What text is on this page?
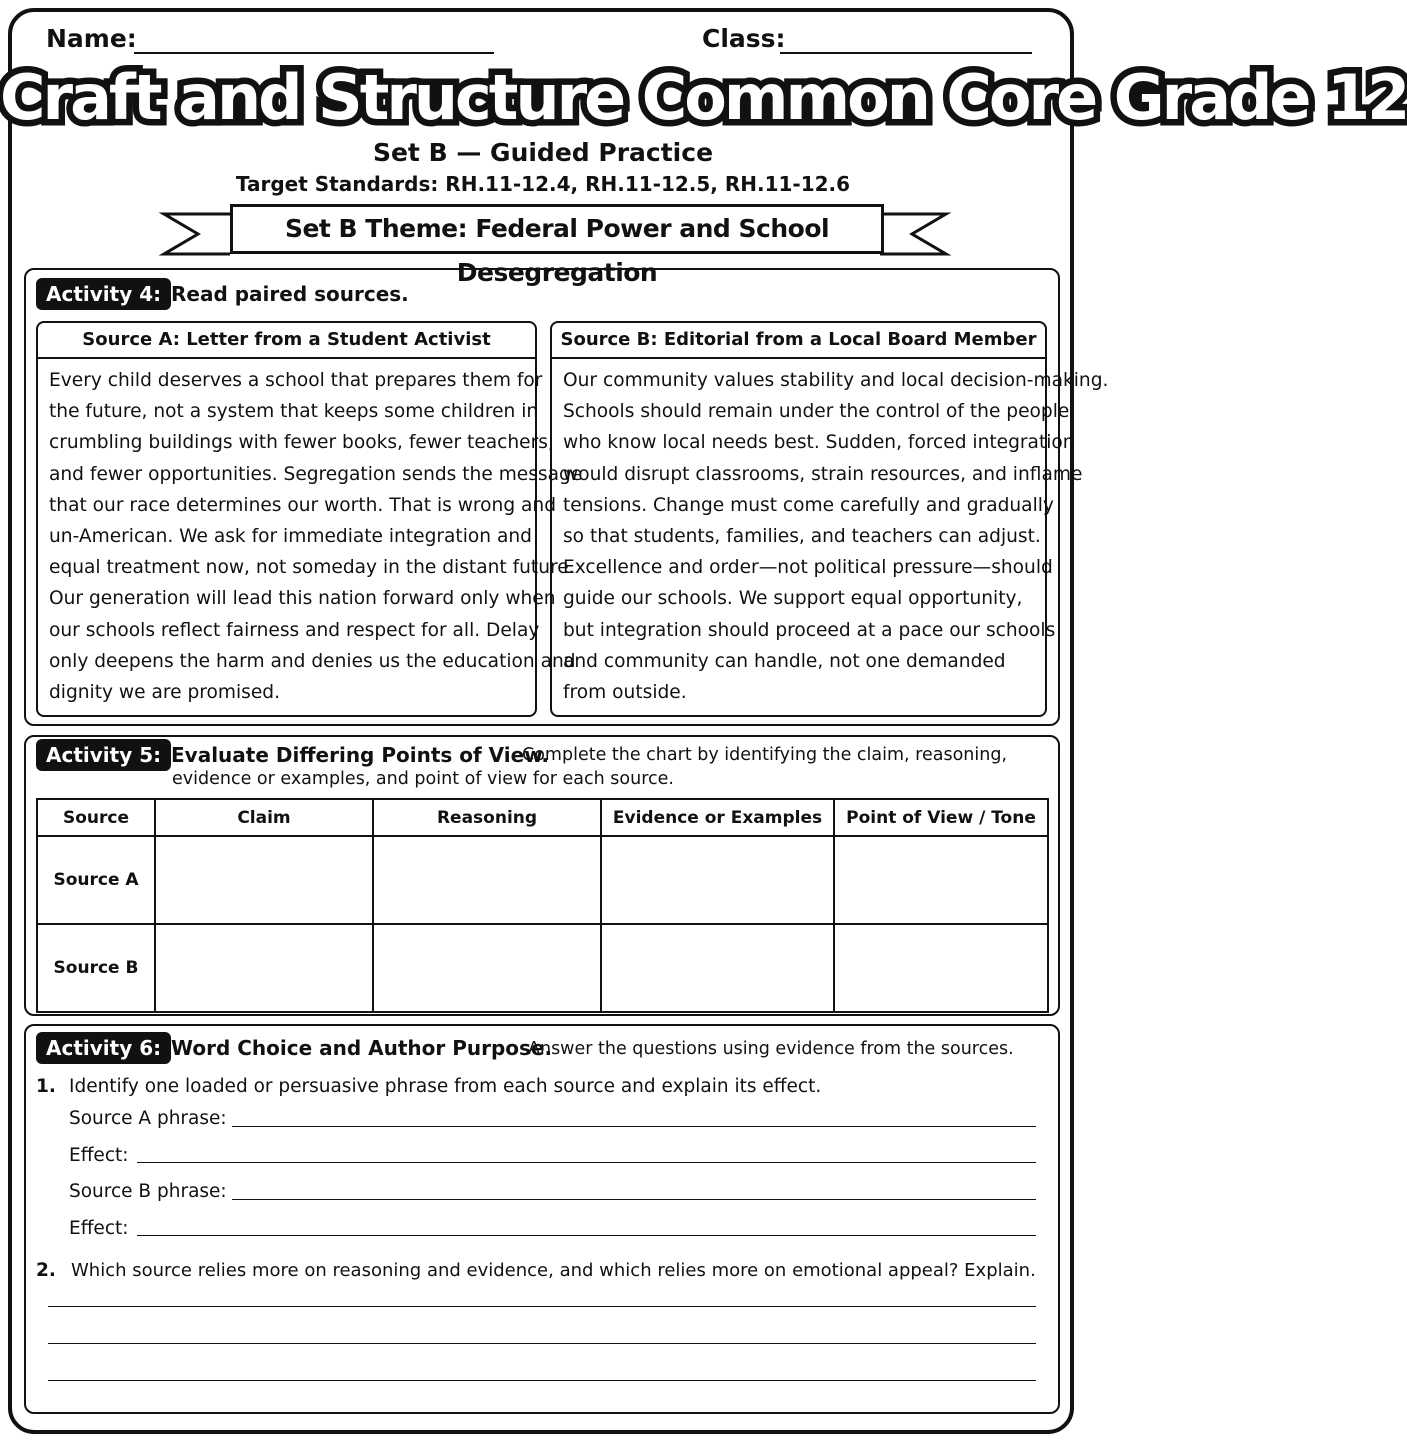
Name:	Class:
Craft and Structure Common Core Grade 12
Set B — Guided Practice
Target Standards: RH.11-12.4, RH.11-12.5, RH.11-12.6
Set B Theme: Federal Power and School Desegregation
Activity 4: Read paired sources.
Source A: Letter from a Student Activist
Every child deserves a school that prepares them for
the future, not a system that keeps some children in
crumbling buildings with fewer books, fewer teachers,
and fewer opportunities. Segregation sends the message
that our race determines our worth. That is wrong and
un-American. We ask for immediate integration and
equal treatment now, not someday in the distant future.
Our generation will lead this nation forward only when
our schools reflect fairness and respect for all. Delay
only deepens the harm and denies us the education and
dignity we are promised.
Source B: Editorial from a Local Board Member
Our community values stability and local decision-making.
Schools should remain under the control of the people
who know local needs best. Sudden, forced integration
would disrupt classrooms, strain resources, and inflame
tensions. Change must come carefully and gradually
so that students, families, and teachers can adjust.
Excellence and order—not political pressure—should
guide our schools. We support equal opportunity,
but integration should proceed at a pace our schools
and community can handle, not one demanded
from outside.
Activity 5: Evaluate Differing Points of View.
Complete the chart by identifying the claim, reasoning,
evidence or examples, and point of view for each source.
Source	Claim	Reasoning	Evidence or Examples	Point of View / Tone
Source A				
Source B				
Activity 6: Word Choice and Author Purpose.
Answer the questions using evidence from the sources.
1. Identify one loaded or persuasive phrase from each source and explain its effect.
Source A phrase:
Effect:
Source B phrase:
Effect:
2. Which source relies more on reasoning and evidence, and which relies more on emotional appeal? Explain.
